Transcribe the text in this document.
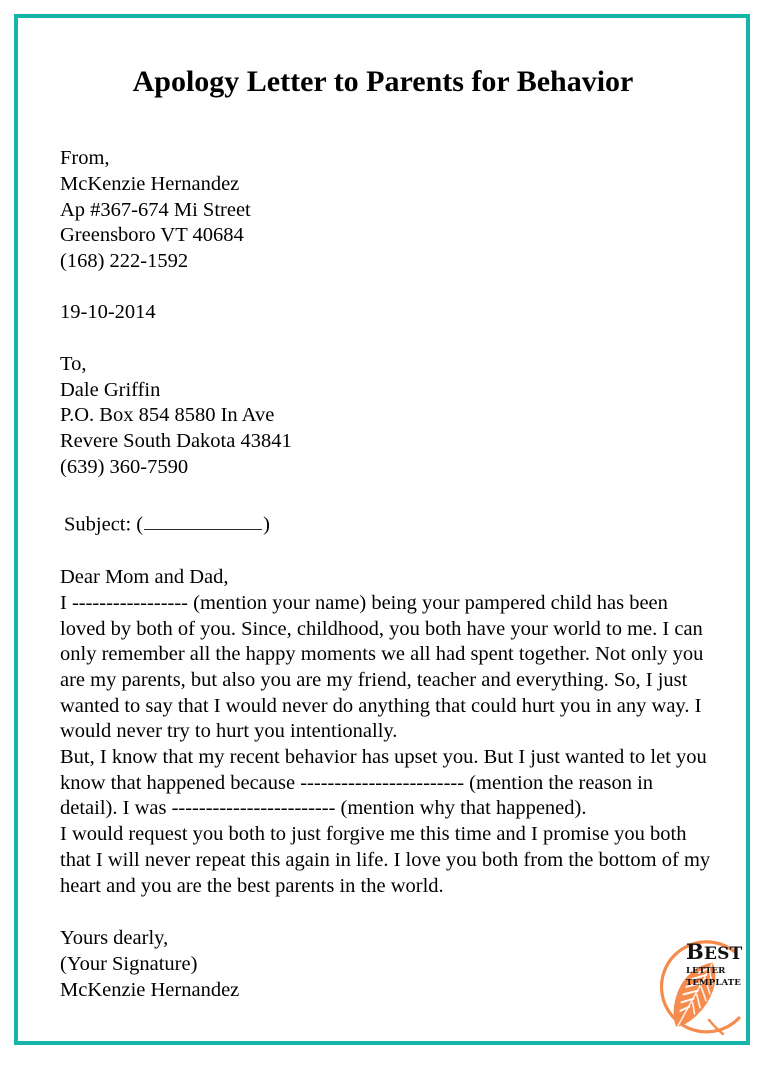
Apology Letter to Parents for Behavior
From,
McKenzie Hernandez
Ap #367-674 Mi Street
Greensboro VT 40684
(168) 222-1592
19-10-2014
To,
Dale Griffin
P.O. Box 854 8580 In Ave
Revere South Dakota 43841
(639) 360-7590
Subject: (	)
Dear Mom and Dad,

I ----------------- (mention your name) being your pampered child has been loved by both of you. Since, childhood, you both have your world to me. I can only remember all the happy moments we all had spent together. Not only you are my parents, but also you are my friend, teacher and everything. So, I just wanted to say that I would never do anything that could hurt you in any way. I would never try to hurt you intentionally.

But, I know that my recent behavior has upset you. But I just wanted to let you know that happened because ------------------------ (mention the reason in detail). I was ------------------------ (mention why that happened).

I would request you both to just forgive me this time and I promise you both that I will never repeat this again in life. I love you both from the bottom of my heart and you are the best parents in the world.

Yours dearly,
(Your Signature)
McKenzie Hernandez
BEST
LETTER TEMPLATE
